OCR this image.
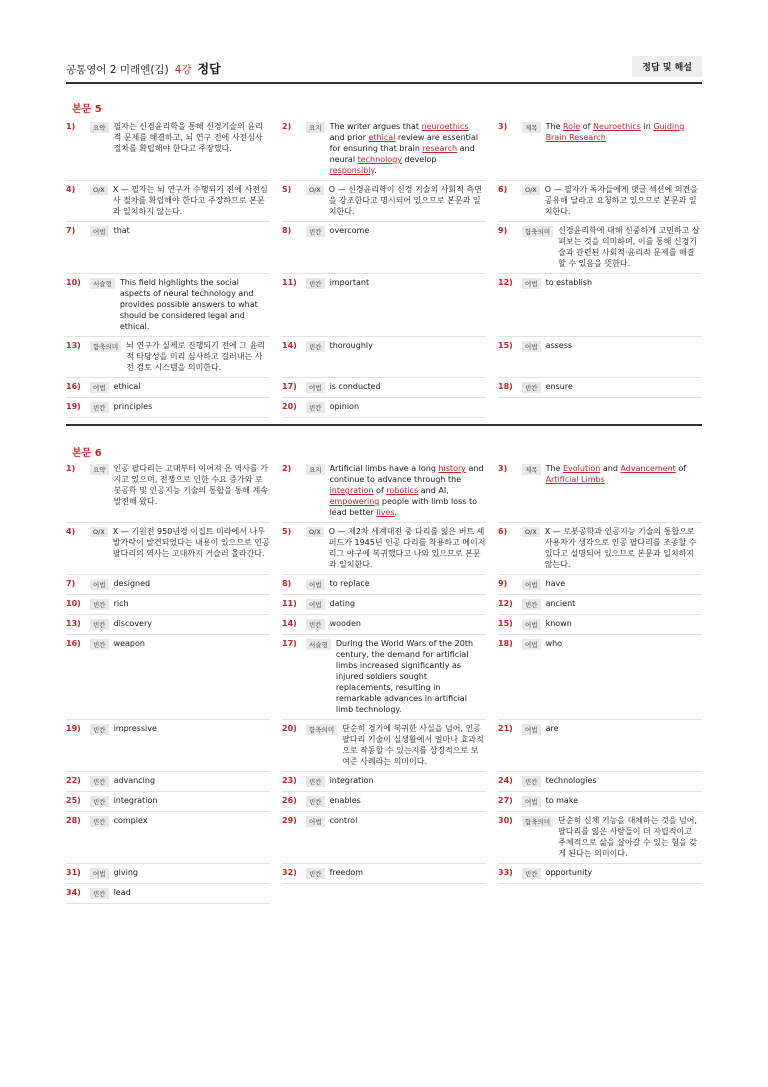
공통영어 2 미래엔(김) 4강 정답	정답 및 해설
본문 5
1)	요약	필자는 신경윤리학을 통해 신경기술의 윤리적 문제를 해결하고, 뇌 연구 전에 사전심사 절차를 확립해야 한다고 주장했다.
2)	요지	The writer argues that neuroethics and prior ethical review are essential for ensuring that brain research and neural technology develop responsibly.
3)	제목	The Role of Neuroethics in Guiding Brain Research
4)	O/X	X — 필자는 뇌 연구가 수행되기 전에 사전심사 절차를 확립해야 한다고 주장하므로 본문과 일치하지 않는다.
5)	O/X	O — 신경윤리학이 신경 기술의 사회적 측면을 강조한다고 명시되어 있으므로 본문과 일치한다.
6)	O/X	O — 필자가 독자들에게 댓글 섹션에 의견을 공유해 달라고 요청하고 있으므로 본문과 일치한다.
7)	어법	that	8)	빈칸	overcome	9)	함축의미	신경윤리학에 대해 신중하게 고민하고 살펴보는 것을 의미하며, 이를 통해 신경기술과 관련된 사회적·윤리적 문제를 해결할 수 있음을 뜻한다.
10)	서술형	This field highlights the social aspects of neural technology and provides possible answers to what should be considered legal and ethical.
11)	빈칸	important	12)	어법	to establish
13)	함축의미	뇌 연구가 실제로 진행되기 전에 그 윤리적 타당성을 미리 심사하고 걸러내는 사전 검토 시스템을 의미한다.
14)	빈칸	thoroughly	15)	어법	assess
16)	어법	ethical	17)	어법	is conducted	18)	빈칸	ensure
19)	빈칸	principles	20)	빈칸	opinion
본문 6
1)	요약	인공 팔다리는 고대부터 이어져 온 역사를 가지고 있으며, 전쟁으로 인한 수요 증가와 로봇공학 및 인공지능 기술의 통합을 통해 계속 발전해 왔다.
2)	요지	Artificial limbs have a long history and continue to advance through the integration of robotics and AI, empowering people with limb loss to lead better lives.
3)	제목	The Evolution and Advancement of Artificial Limbs
4)	O/X	X — 기원전 950년경 이집트 미라에서 나무 발가락이 발견되었다는 내용이 있으므로 인공 팔다리의 역사는 고대까지 거슬러 올라간다.
5)	O/X	O — 제2차 세계대전 중 다리를 잃은 버트 셰퍼드가 1945년 인공 다리를 착용하고 메이저리그 야구에 복귀했다고 나와 있으므로 본문과 일치한다.
6)	O/X	X — 로봇공학과 인공지능 기술의 통합으로 사용자가 생각으로 인공 팔다리를 조종할 수 있다고 설명되어 있으므로 본문과 일치하지 않는다.
7)	어법	designed	8)	어법	to replace	9)	어법	have
10)	빈칸	rich	11)	어법	dating	12)	빈칸	ancient
13)	빈칸	discovery	14)	빈칸	wooden	15)	어법	known
16)	빈칸	weapon	17)	서술형	During the World Wars of the 20th century, the demand for artificial limbs increased significantly as injured soldiers sought replacements, resulting in remarkable advances in artificial limb technology.
18)	어법	who
19)	빈칸	impressive	20)	함축의미	단순히 경기에 복귀한 사실을 넘어, 인공 팔다리 기술이 실생활에서 얼마나 효과적으로 작동할 수 있는지를 상징적으로 보여준 사례라는 의미이다.
21)	어법	are
22)	빈칸	advancing	23)	빈칸	integration	24)	빈칸	technologies
25)	빈칸	integration	26)	빈칸	enables	27)	어법	to make
28)	빈칸	complex	29)	어법	control	30)	함축의미	단순히 신체 기능을 대체하는 것을 넘어, 팔다리를 잃은 사람들이 더 자립적이고 주체적으로 삶을 살아갈 수 있는 힘을 갖게 된다는 의미이다.
31)	어법	giving	32)	빈칸	freedom	33)	빈칸	opportunity
34)	빈칸	lead
